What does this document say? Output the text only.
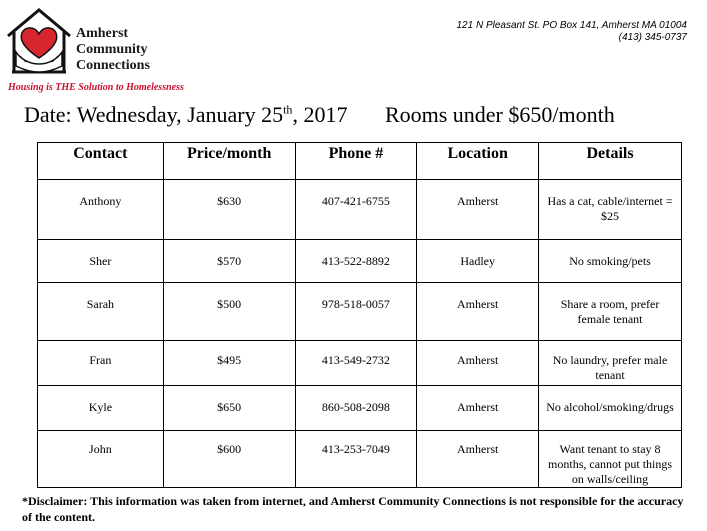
Amherst
Community
Connections
Housing is THE Solution to Homelessness
121 N Pleasant St. PO Box 141, Amherst MA 01004
(413) 345-0737
Date: Wednesday, January 25th, 2017 Rooms under $650/month
Contact	Price/month	Phone #	Location	Details
Anthony	$630	407-421-6755	Amherst	Has a cat, cable/internet = $25
Sher	$570	413-522-8892	Hadley	No smoking/pets
Sarah	$500	978-518-0057	Amherst	Share a room, prefer female tenant
Fran	$495	413-549-2732	Amherst	No laundry, prefer male tenant
Kyle	$650	860-508-2098	Amherst	No alcohol/smoking/drugs
John	$600	413-253-7049	Amherst	Want tenant to stay 8 months, cannot put things on walls/ceiling
*Disclaimer: This information was taken from internet, and Amherst Community Connections is not responsible for the accuracy of the content.
